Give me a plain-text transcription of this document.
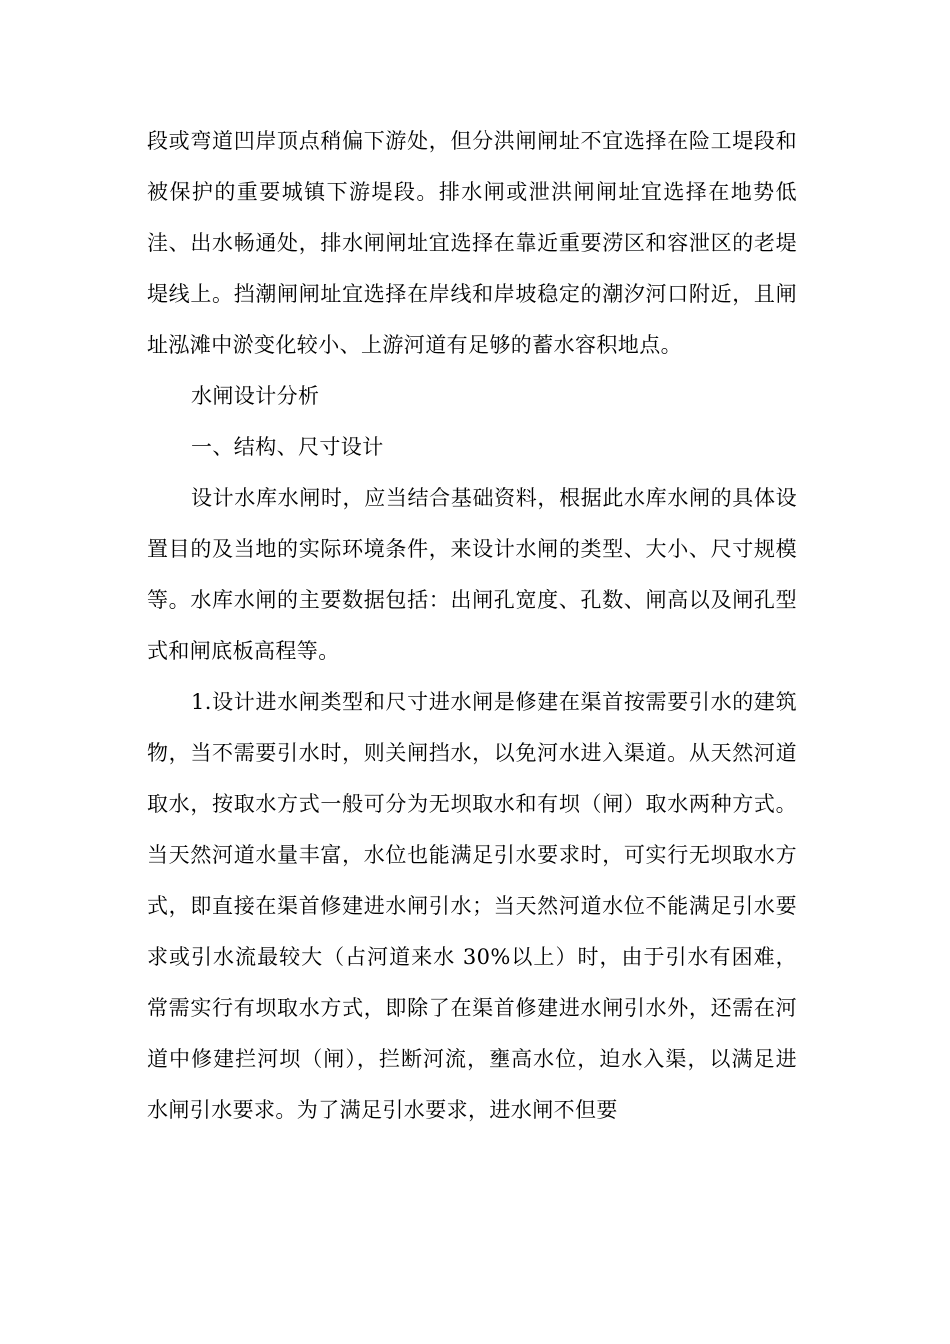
段或弯道凹岸顶点稍偏下游处，但分洪闸闸址不宜选择在险工堤段和被保护的重要城镇下游堤段。排水闸或泄洪闸闸址宜选择在地势低洼、出水畅通处，排水闸闸址宜选择在靠近重要涝区和容泄区的老堤堤线上。挡潮闸闸址宜选择在岸线和岸坡稳定的潮汐河口附近，且闸址泓滩中淤变化较小、上游河道有足够的蓄水容积地点。

水闸设计分析

一、结构、尺寸设计

设计水库水闸时，应当结合基础资料，根据此水库水闸的具体设置目的及当地的实际环境条件，来设计水闸的类型、大小、尺寸规模等。水库水闸的主要数据包括：出闸孔宽度、孔数、闸高以及闸孔型式和闸底板高程等。

1.设计进水闸类型和尺寸进水闸是修建在渠首按需要引水的建筑物，当不需要引水时，则关闸挡水，以免河水进入渠道。从天然河道取水，按取水方式一般可分为无坝取水和有坝（闸）取水两种方式。当天然河道水量丰富，水位也能满足引水要求时，可实行无坝取水方式，即直接在渠首修建进水闸引水；当天然河道水位不能满足引水要求或引水流最较大（占河道来水 30%以上）时，由于引水有困难，常需实行有坝取水方式，即除了在渠首修建进水闸引水外，还需在河道中修建拦河坝（闸），拦断河流，壅高水位，迫水入渠，以满足进水闸引水要求。为了满足引水要求，进水闸不但要
